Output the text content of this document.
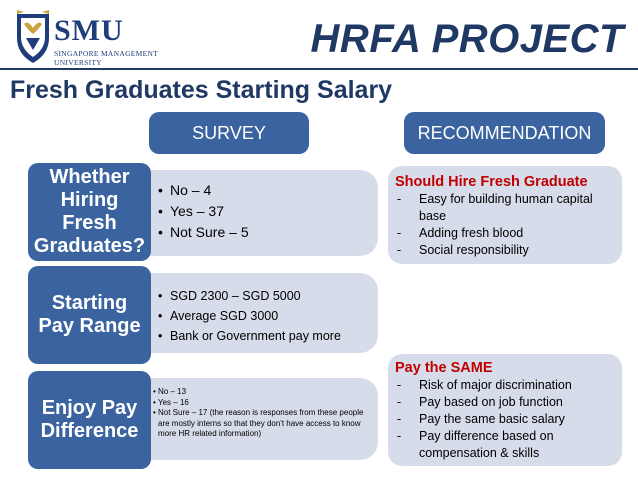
SMU
SINGAPORE MANAGEMENT
UNIVERSITY
HRFA PROJECT
Fresh Graduates Starting Salary
SURVEY	RECOMMENDATION
• No – 4
• Yes – 37
• Not Sure – 5
Whether Hiring Fresh Graduates?
• SGD 2300 – SGD 5000
• Average SGD 3000
• Bank or Government pay more
Starting Pay Range
• No – 13
• Yes – 16
• Not Sure – 17 (the reason is responses from these people are mostly interns so that they don't have access to know more HR related information)
Enjoy Pay Difference
Should Hire Fresh Graduate
- Easy for building human capital base
- Adding fresh blood
- Social responsibility
Pay the SAME
- Risk of major discrimination
- Pay based on job function
- Pay the same basic salary
- Pay difference based on compensation & skills
